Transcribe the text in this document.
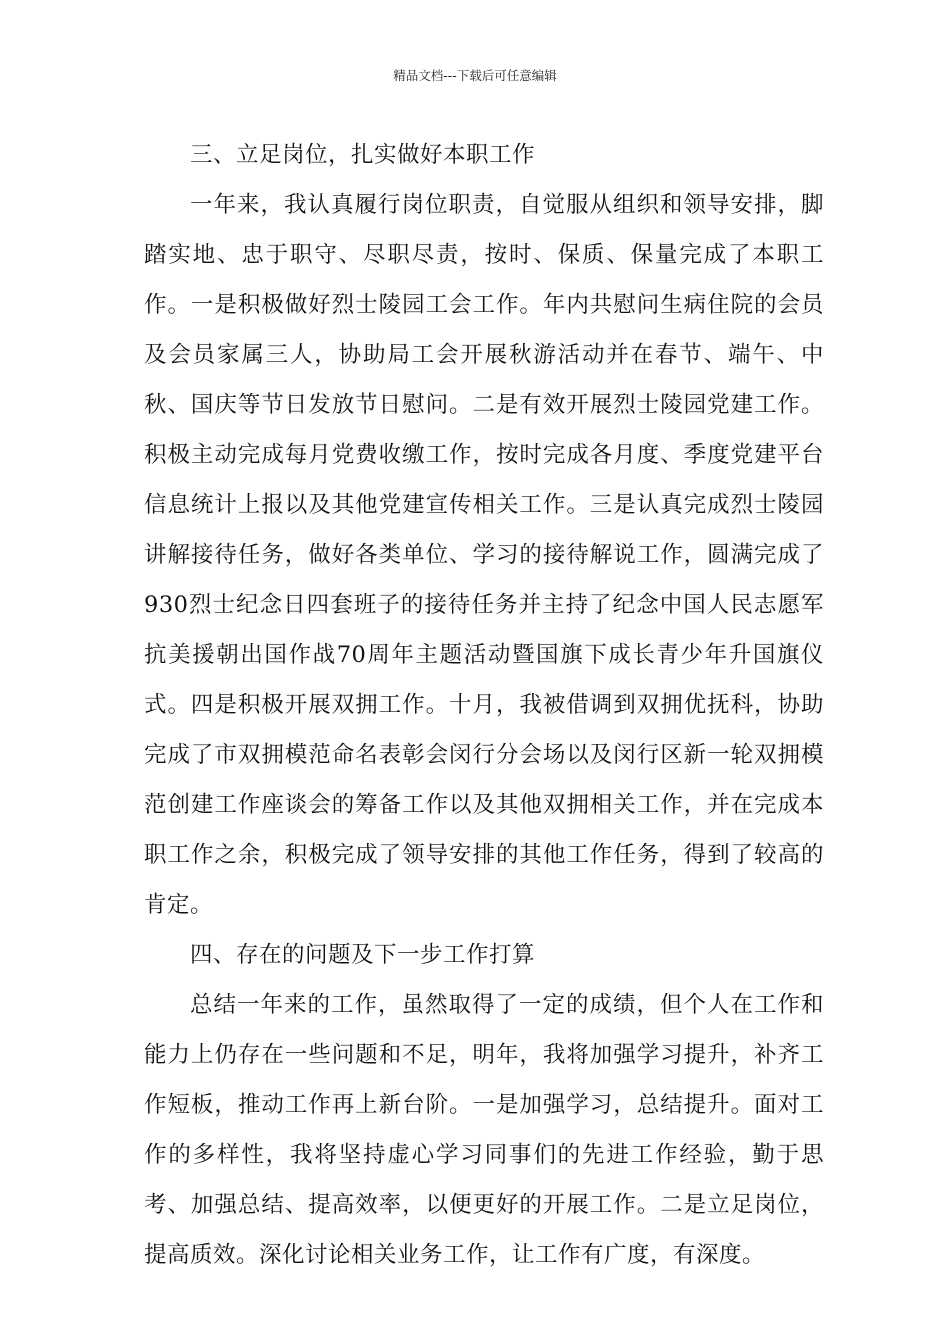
精品文档---下载后可任意编辑

三、立足岗位，扎实做好本职工作

一年来，我认真履行岗位职责，自觉服从组织和领导安排，脚踏实地、忠于职守、尽职尽责，按时、保质、保量完成了本职工作。一是积极做好烈士陵园工会工作。年内共慰问生病住院的会员及会员家属三人，协助局工会开展秋游活动并在春节、端午、中秋、国庆等节日发放节日慰问。二是有效开展烈士陵园党建工作。积极主动完成每月党费收缴工作，按时完成各月度、季度党建平台信息统计上报以及其他党建宣传相关工作。三是认真完成烈士陵园讲解接待任务，做好各类单位、学习的接待解说工作，圆满完成了930烈士纪念日四套班子的接待任务并主持了纪念中国人民志愿军抗美援朝出国作战70周年主题活动暨国旗下成长青少年升国旗仪式。四是积极开展双拥工作。十月，我被借调到双拥优抚科，协助完成了市双拥模范命名表彰会闵行分会场以及闵行区新一轮双拥模范创建工作座谈会的筹备工作以及其他双拥相关工作，并在完成本职工作之余，积极完成了领导安排的其他工作任务，得到了较高的肯定。

四、存在的问题及下一步工作打算

总结一年来的工作，虽然取得了一定的成绩，但个人在工作和能力上仍存在一些问题和不足，明年，我将加强学习提升，补齐工作短板，推动工作再上新台阶。一是加强学习，总结提升。面对工作的多样性，我将坚持虚心学习同事们的先进工作经验，勤于思考、加强总结、提高效率，以便更好的开展工作。二是立足岗位，提高质效。深化讨论相关业务工作，让工作有广度，有深度。
